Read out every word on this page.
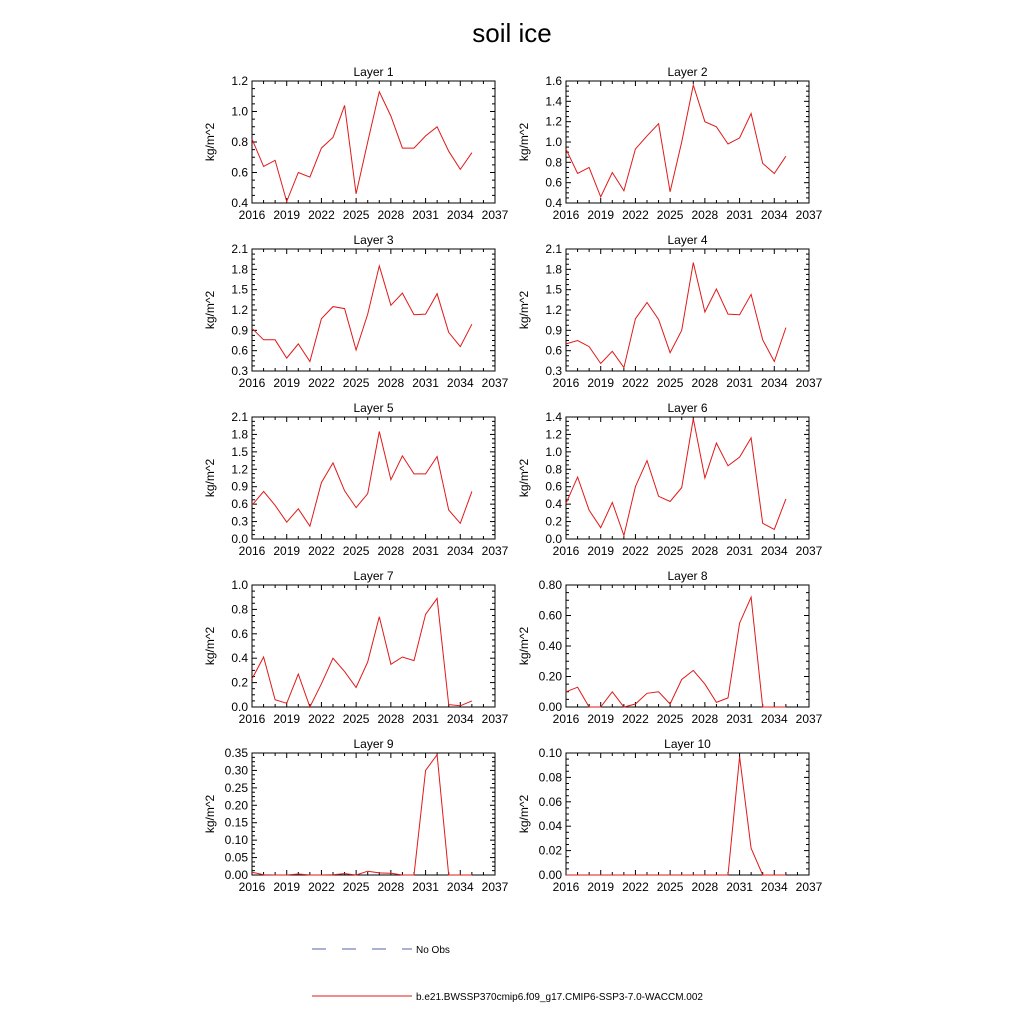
soil ice
Layer 1
kg/m^2
2016 2019 2022 2025 2028 2031 2034 2037
0.4
0.6
0.8
1.0
1.2
Layer 2
kg/m^2
2016 2019 2022 2025 2028 2031 2034 2037
0.4
0.6
0.8
1.0
1.2
1.4
1.6
Layer 3
kg/m^2
2016 2019 2022 2025 2028 2031 2034 2037
0.3
0.6
0.9
1.2
1.5
1.8
2.1
Layer 4
kg/m^2
2016 2019 2022 2025 2028 2031 2034 2037
0.3
0.6
0.9
1.2
1.5
1.8
2.1
Layer 5
kg/m^2
2016 2019 2022 2025 2028 2031 2034 2037
0.0
0.3
0.6
0.9
1.2
1.5
1.8
2.1
Layer 6
kg/m^2
2016 2019 2022 2025 2028 2031 2034 2037
0.0
0.2
0.4
0.6
0.8
1.0
1.2
1.4
Layer 7
kg/m^2
2016 2019 2022 2025 2028 2031 2034 2037
0.0
0.2
0.4
0.6
0.8
1.0
Layer 8
kg/m^2
2016 2019 2022 2025 2028 2031 2034 2037
0.00
0.20
0.40
0.60
0.80
Layer 9
kg/m^2
2016 2019 2022 2025 2028 2031 2034 2037
0.00
0.05
0.10
0.15
0.20
0.25
0.30
0.35
Layer 10
kg/m^2
2016 2019 2022 2025 2028 2031 2034 2037
0.00
0.02
0.04
0.06
0.08
0.10
No Obs
b.e21.BWSSP370cmip6.f09_g17.CMIP6-SSP3-7.0-WACCM.002
